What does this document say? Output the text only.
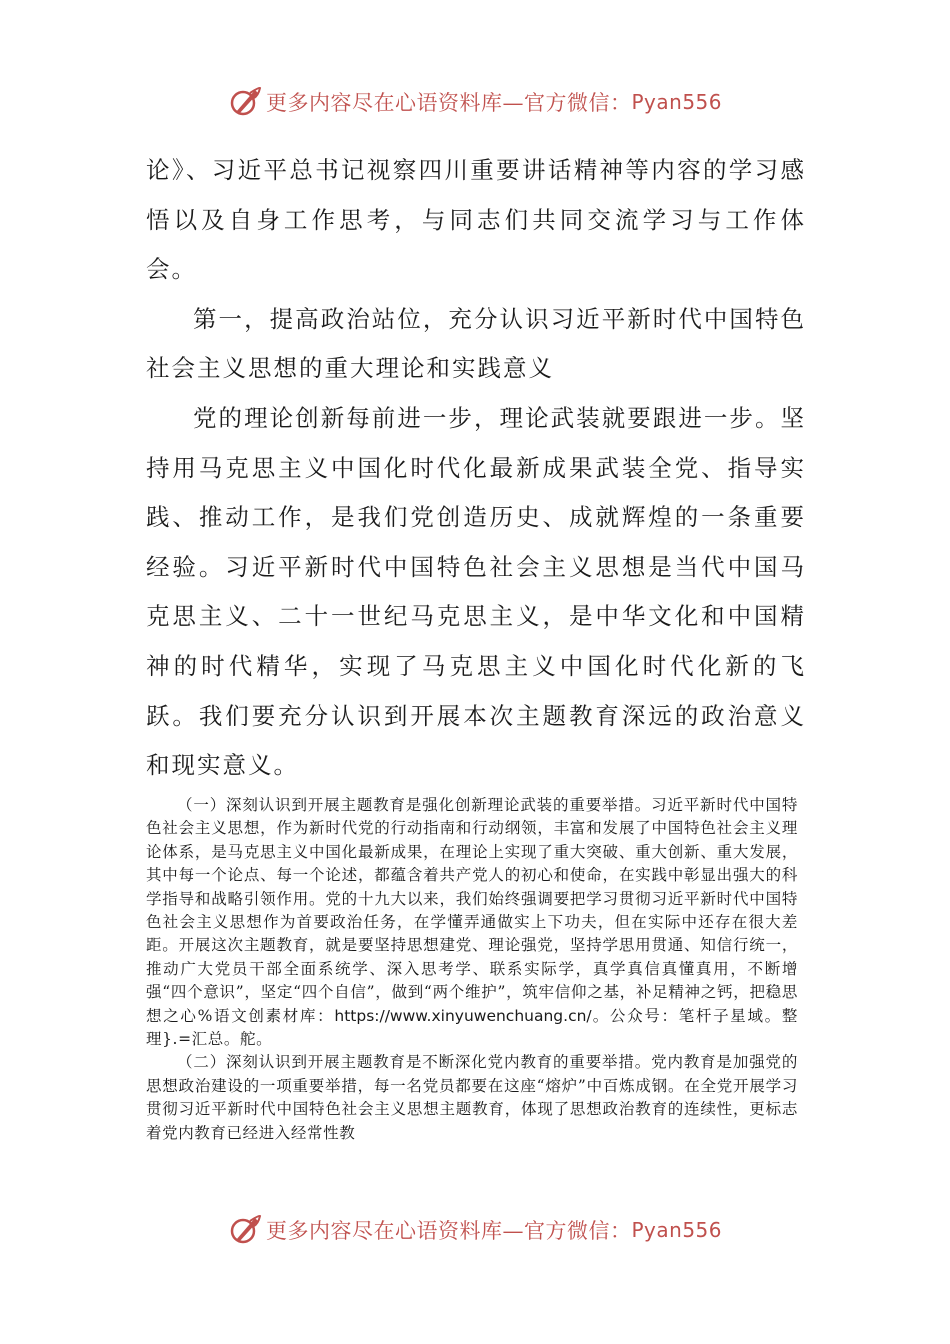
更多内容尽在心语资料库—官方微信： Pyan556

论》、习近平总书记视察四川重要讲话精神等内容的学习感悟以及自身工作思考，与同志们共同交流学习与工作体会。

第一，提高政治站位，充分认识习近平新时代中国特色社会主义思想的重大理论和实践意义

党的理论创新每前进一步，理论武装就要跟进一步。坚持用马克思主义中国化时代化最新成果武装全党、指导实践、推动工作，是我们党创造历史、成就辉煌的一条重要经验。习近平新时代中国特色社会主义思想是当代中国马克思主义、二十一世纪马克思主义，是中华文化和中国精神的时代精华，实现了马克思主义中国化时代化新的飞跃。我们要充分认识到开展本次主题教育深远的政治意义和现实意义。

（一）深刻认识到开展主题教育是强化创新理论武装的重要举措。习近平新时代中国特色社会主义思想，作为新时代党的行动指南和行动纲领，丰富和发展了中国特色社会主义理论体系，是马克思主义中国化最新成果，在理论上实现了重大突破、重大创新、重大发展，其中每一个论点、每一个论述，都蕴含着共产党人的初心和使命，在实践中彰显出强大的科学指导和战略引领作用。党的十九大以来，我们始终强调要把学习贯彻习近平新时代中国特色社会主义思想作为首要政治任务，在学懂弄通做实上下功夫，但在实际中还存在很大差距。开展这次主题教育，就是要坚持思想建党、理论强党，坚持学思用贯通、知信行统一，推动广大党员干部全面系统学、深入思考学、联系实际学，真学真信真懂真用，不断增强“四个意识”，坚定“四个自信”，做到“两个维护”，筑牢信仰之基，补足精神之钙，把稳思想之心%语文创素材库：https://www.xinyuwenchuang.cn/。公众号：笔杆子星域。整理}.=汇总。舵。

（二）深刻认识到开展主题教育是不断深化党内教育的重要举措。党内教育是加强党的思想政治建设的一项重要举措，每一名党员都要在这座“熔炉”中百炼成钢。在全党开展学习贯彻习近平新时代中国特色社会主义思想主题教育，体现了思想政治教育的连续性，更标志着党内教育已经进入经常性教

更多内容尽在心语资料库—官方微信： Pyan556
